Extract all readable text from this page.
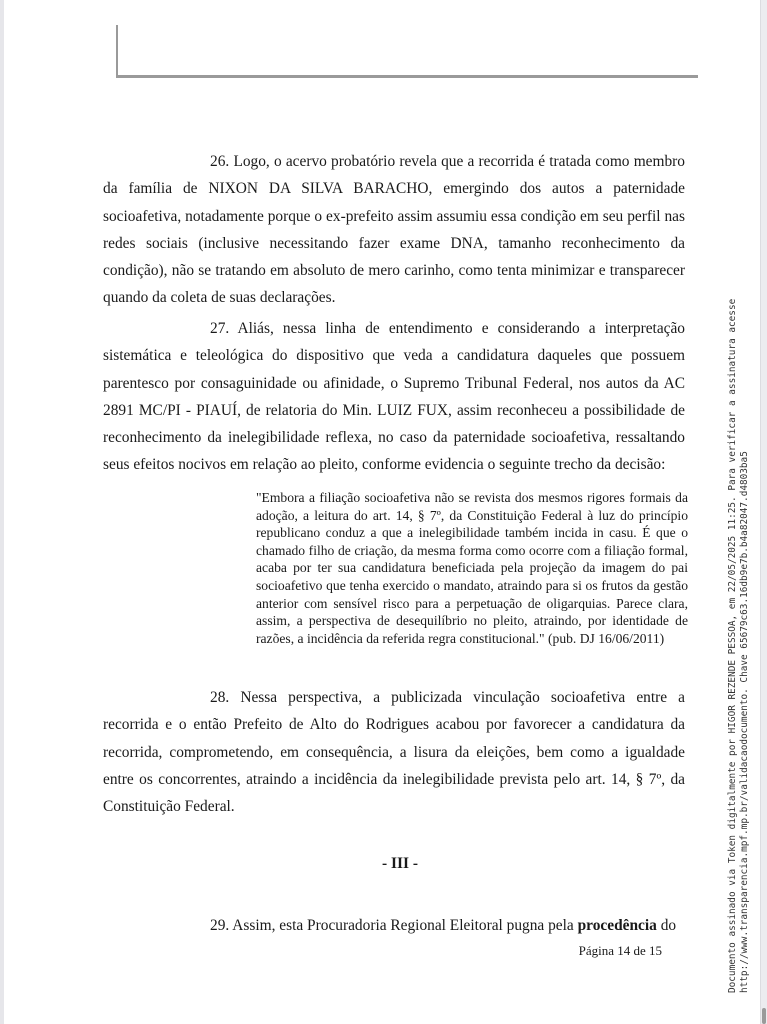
26. Logo, o acervo probatório revela que a recorrida é tratada como membro da família de NIXON DA SILVA BARACHO, emergindo dos autos a paternidade socioafetiva, notadamente porque o ex-prefeito assim assumiu essa condição em seu perfil nas redes sociais (inclusive necessitando fazer exame DNA, tamanho reconhecimento da condição), não se tratando em absoluto de mero carinho, como tenta minimizar e transparecer quando da coleta de suas declarações.

27. Aliás, nessa linha de entendimento e considerando a interpretação sistemática e teleológica do dispositivo que veda a candidatura daqueles que possuem parentesco por consaguinidade ou afinidade, o Supremo Tribunal Federal, nos autos da AC 2891 MC/PI - PIAUÍ, de relatoria do Min. LUIZ FUX, assim reconheceu a possibilidade de reconhecimento da inelegibilidade reflexa, no caso da paternidade socioafetiva, ressaltando seus efeitos nocivos em relação ao pleito, conforme evidencia o seguinte trecho da decisão:

"Embora a filiação socioafetiva não se revista dos mesmos rigores formais da adoção, a leitura do art. 14, § 7º, da Constituição Federal à luz do princípio republicano conduz a que a inelegibilidade também incida in casu. É que o chamado filho de criação, da mesma forma como ocorre com a filiação formal, acaba por ter sua candidatura beneficiada pela projeção da imagem do pai socioafetivo que tenha exercido o mandato, atraindo para si os frutos da gestão anterior com sensível risco para a perpetuação de oligarquias. Parece clara, assim, a perspectiva de desequilíbrio no pleito, atraindo, por identidade de razões, a incidência da referida regra constitucional." (pub. DJ 16/06/2011)

28. Nessa perspectiva, a publicizada vinculação socioafetiva entre a recorrida e o então Prefeito de Alto do Rodrigues acabou por favorecer a candidatura da recorrida, comprometendo, em consequência, a lisura da eleições, bem como a igualdade entre os concorrentes, atraindo a incidência da inelegibilidade prevista pelo art. 14, § 7º, da Constituição Federal.

- III -

29. Assim, esta Procuradoria Regional Eleitoral pugna pela procedência do

Página 14 de 15	Documento assinado via Token digitalmente por HIGOR REZENDE PESSOA, em 22/05/2025 11:25. Para verificar a assinatura acesse http://www.transparencia.mpf.mp.br/validacaodocumento. Chave 65679c63.16db9e7b.b4a82047.d4803ba5
